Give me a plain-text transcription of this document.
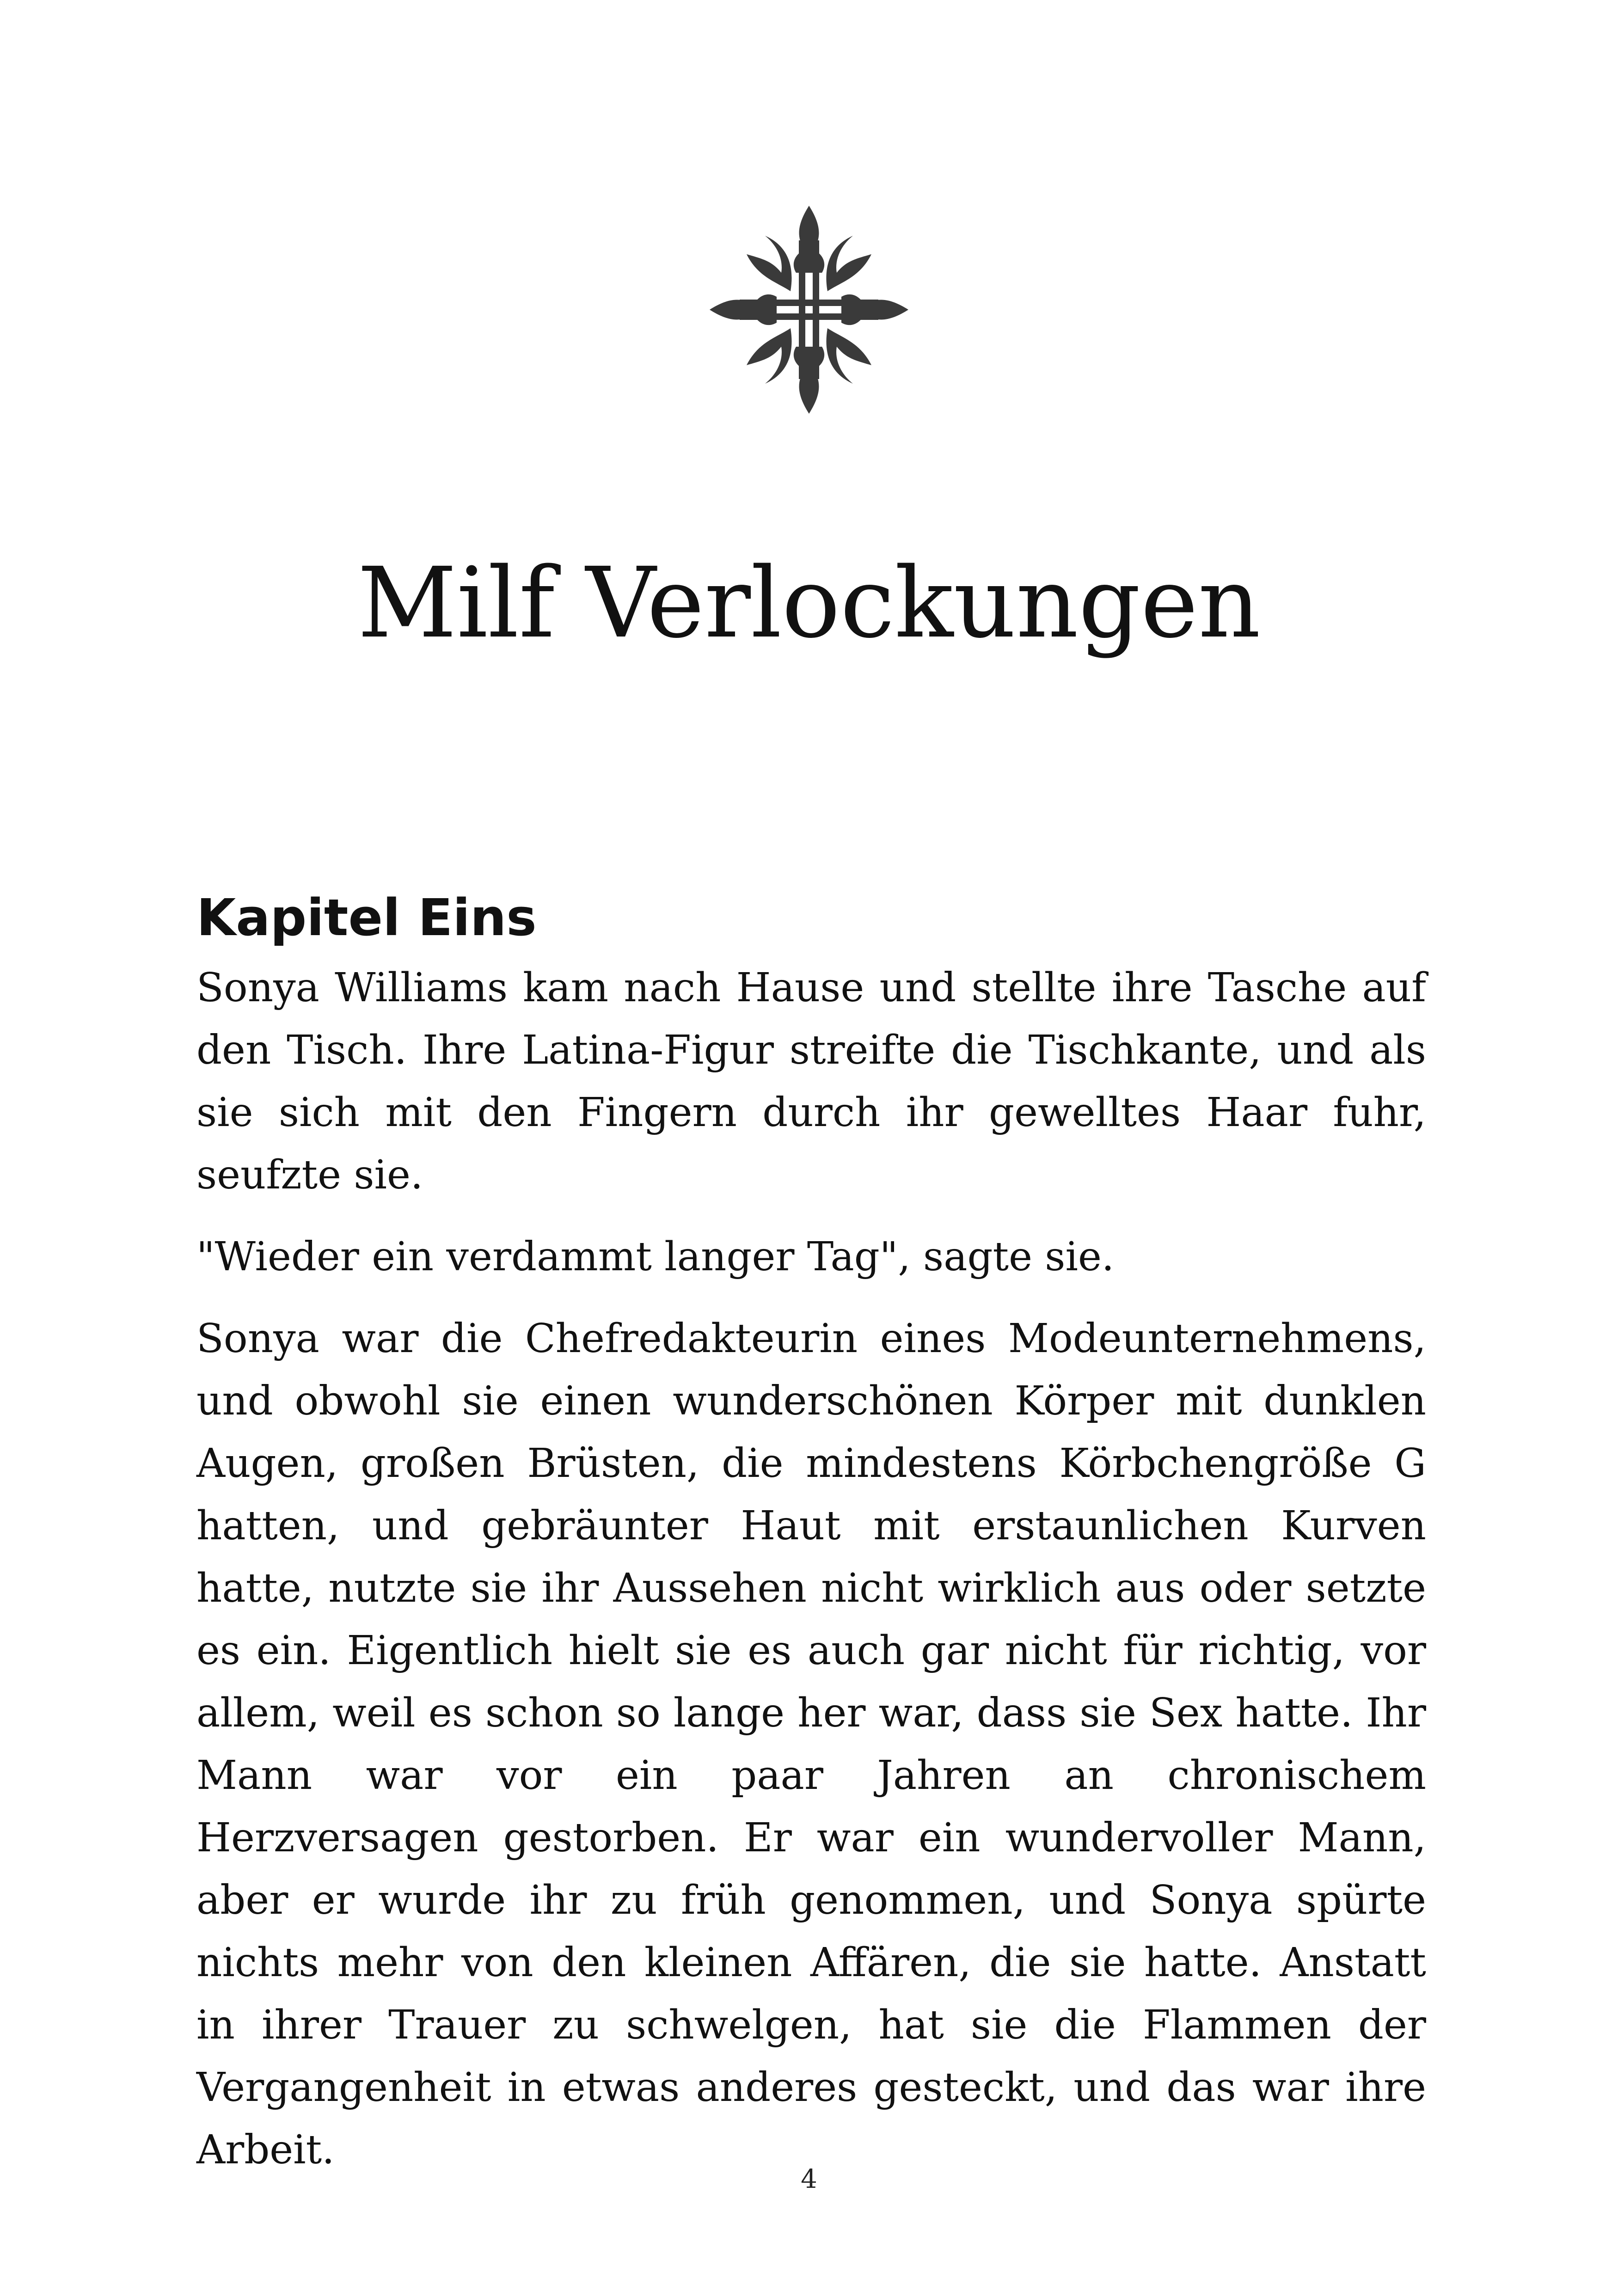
Milf Verlockungen
Kapitel Eins

Sonya Williams kam nach Hause und stellte ihre Tasche auf den Tisch. Ihre Latina-Figur streifte die Tischkante, und als sie sich mit den Fingern durch ihr gewelltes Haar fuhr, seufzte sie.

"Wieder ein verdammt langer Tag", sagte sie.

Sonya war die Chefredakteurin eines Modeunternehmens, und obwohl sie einen wunderschönen Körper mit dunklen Augen, großen Brüsten, die mindestens Körbchengröße G hatten, und gebräunter Haut mit erstaunlichen Kurven hatte, nutzte sie ihr Aussehen nicht wirklich aus oder setzte es ein. Eigentlich hielt sie es auch gar nicht für richtig, vor allem, weil es schon so lange her war, dass sie Sex hatte. Ihr Mann war vor ein paar Jahren an chronischem Herzversagen gestorben. Er war ein wundervoller Mann, aber er wurde ihr zu früh genommen, und Sonya spürte nichts mehr von den kleinen Affären, die sie hatte. Anstatt in ihrer Trauer zu schwelgen, hat sie die Flammen der Vergangenheit in etwas anderes gesteckt, und das war ihre Arbeit.

4
